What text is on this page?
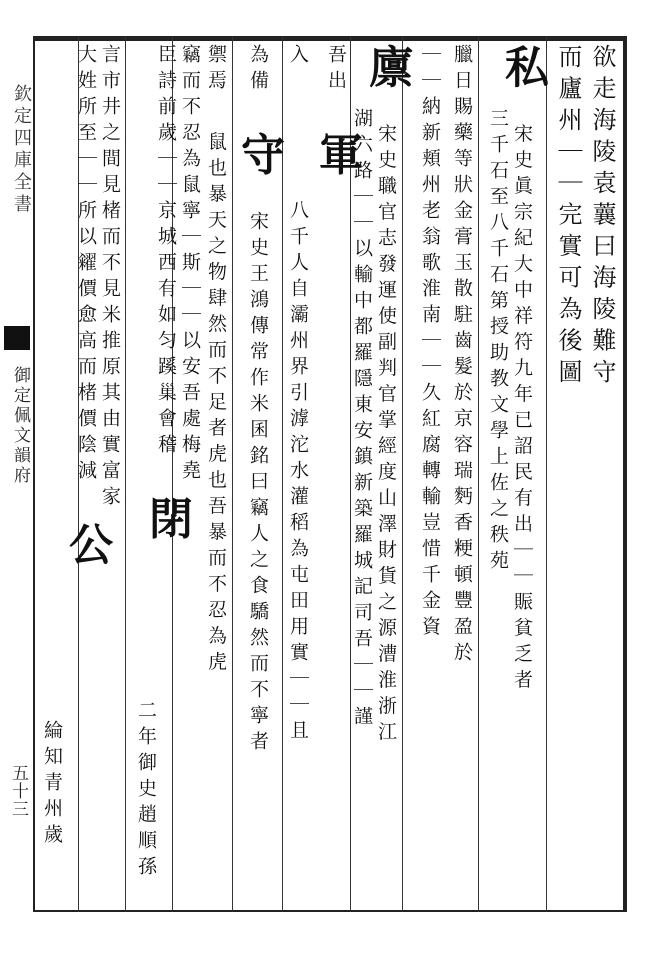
欽定四庫全書
御定佩文韻府
五十三
欲走海陵袁蘘曰海陵難守
而廬州｜｜完實可為後圖
私 宋史眞宗紀大中祥符九年已詔民有出｜｜賑貧乏者
三千石至八千石第授助教文學上佐之秩苑
臘日賜藥等狀金膏玉散駐齒髮於京容瑞麪香粳頓豐盈於
｜｜納新頬州老翁歌淮南｜｜久紅腐轉輸豈惜千金資
廪 宋史職官志發運使副判官掌經度山澤財貨之源漕淮浙江
湖六路｜｜以輸中都羅隱東安鎮新築羅城記司吾｜｜謹
吾出 軍
八千人自灞州界引滹沱水灌稻為屯田用實｜｜且
入
為備 守 宋史王鴻傳常作米囷銘曰竊人之食驕然而不寧者
禦焉 鼠也暴天之物肆然而不足者虎也吾暴而不忍為虎
竊而不忍為鼠寧｜斯｜｜以安吾處梅堯
臣詩前歲｜｜京城西有如匀蹊巢會稽 閉
言市井之間見楮而不見米推原其由實富家
二年御史趙順孫
大姓所至｜｜所以糴價愈高而楮價陰減 公
綸知青州歲
